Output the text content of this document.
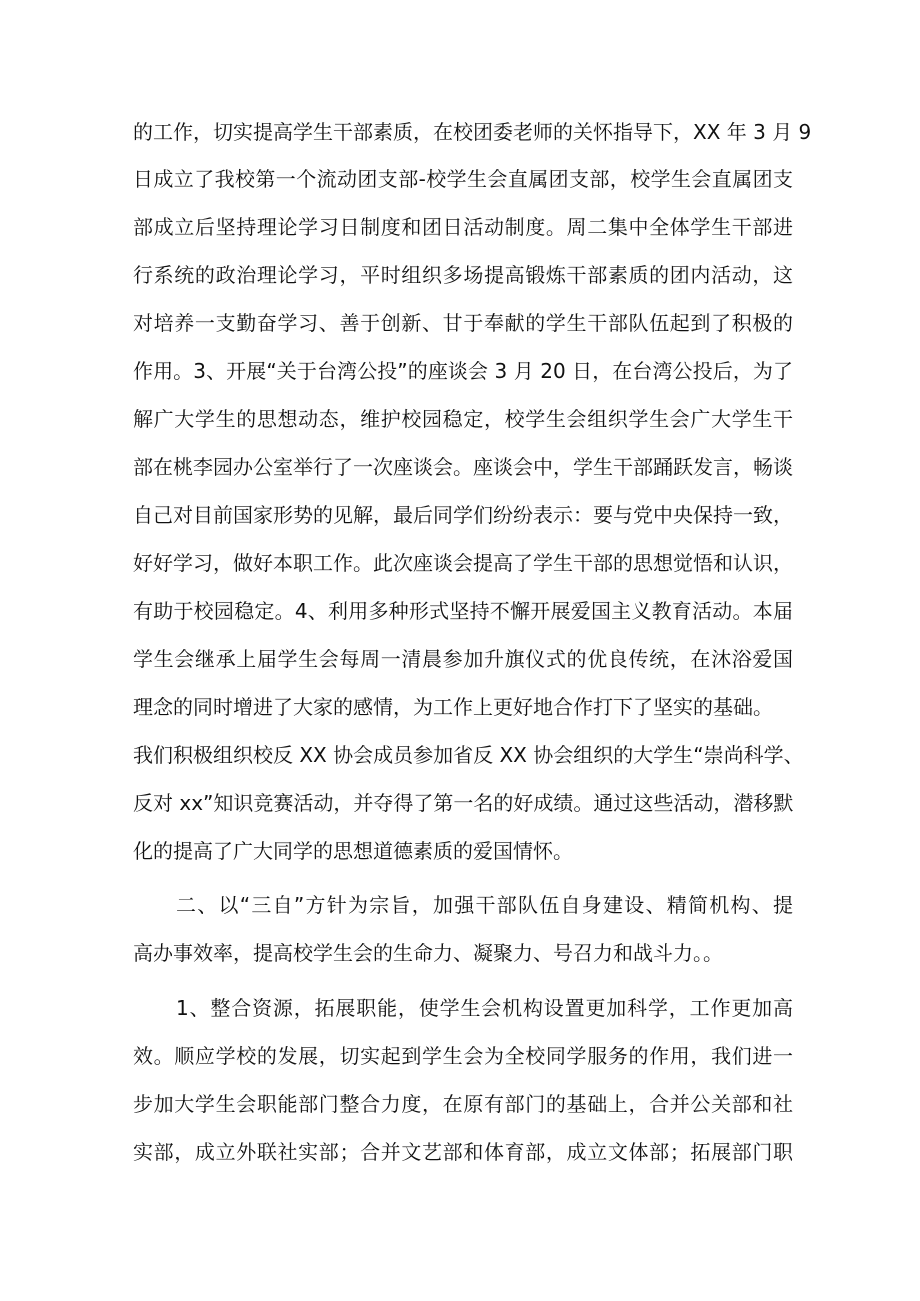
的工作，切实提高学生干部素质，在校团委老师的关怀指导下，XX 年 3 月 9

日成立了我校第一个流动团支部-校学生会直属团支部，校学生会直属团支

部成立后坚持理论学习日制度和团日活动制度。周二集中全体学生干部进

行系统的政治理论学习，平时组织多场提高锻炼干部素质的团内活动，这

对培养一支勤奋学习、善于创新、甘于奉献的学生干部队伍起到了积极的

作用。3、开展“关于台湾公投”的座谈会 3 月 20 日，在台湾公投后，为了

解广大学生的思想动态，维护校园稳定，校学生会组织学生会广大学生干

部在桃李园办公室举行了一次座谈会。座谈会中，学生干部踊跃发言，畅谈

自己对目前国家形势的见解，最后同学们纷纷表示：要与党中央保持一致，

好好学习，做好本职工作。此次座谈会提高了学生干部的思想觉悟和认识，

有助于校园稳定。4、利用多种形式坚持不懈开展爱国主义教育活动。本届

学生会继承上届学生会每周一清晨参加升旗仪式的优良传统，在沐浴爱国

理念的同时增进了大家的感情，为工作上更好地合作打下了坚实的基础。

我们积极组织校反 XX 协会成员参加省反 XX 协会组织的大学生“崇尚科学、

反对 xx”知识竞赛活动，并夺得了第一名的好成绩。通过这些活动，潜移默

化的提高了广大同学的思想道德素质的爱国情怀。

二、以“三自”方针为宗旨，加强干部队伍自身建设、精简机构、提

高办事效率，提高校学生会的生命力、凝聚力、号召力和战斗力。。

1、整合资源，拓展职能，使学生会机构设置更加科学，工作更加高

效。顺应学校的发展，切实起到学生会为全校同学服务的作用，我们进一

步加大学生会职能部门整合力度，在原有部门的基础上，合并公关部和社

实部，成立外联社实部；合并文艺部和体育部，成立文体部；拓展部门职
